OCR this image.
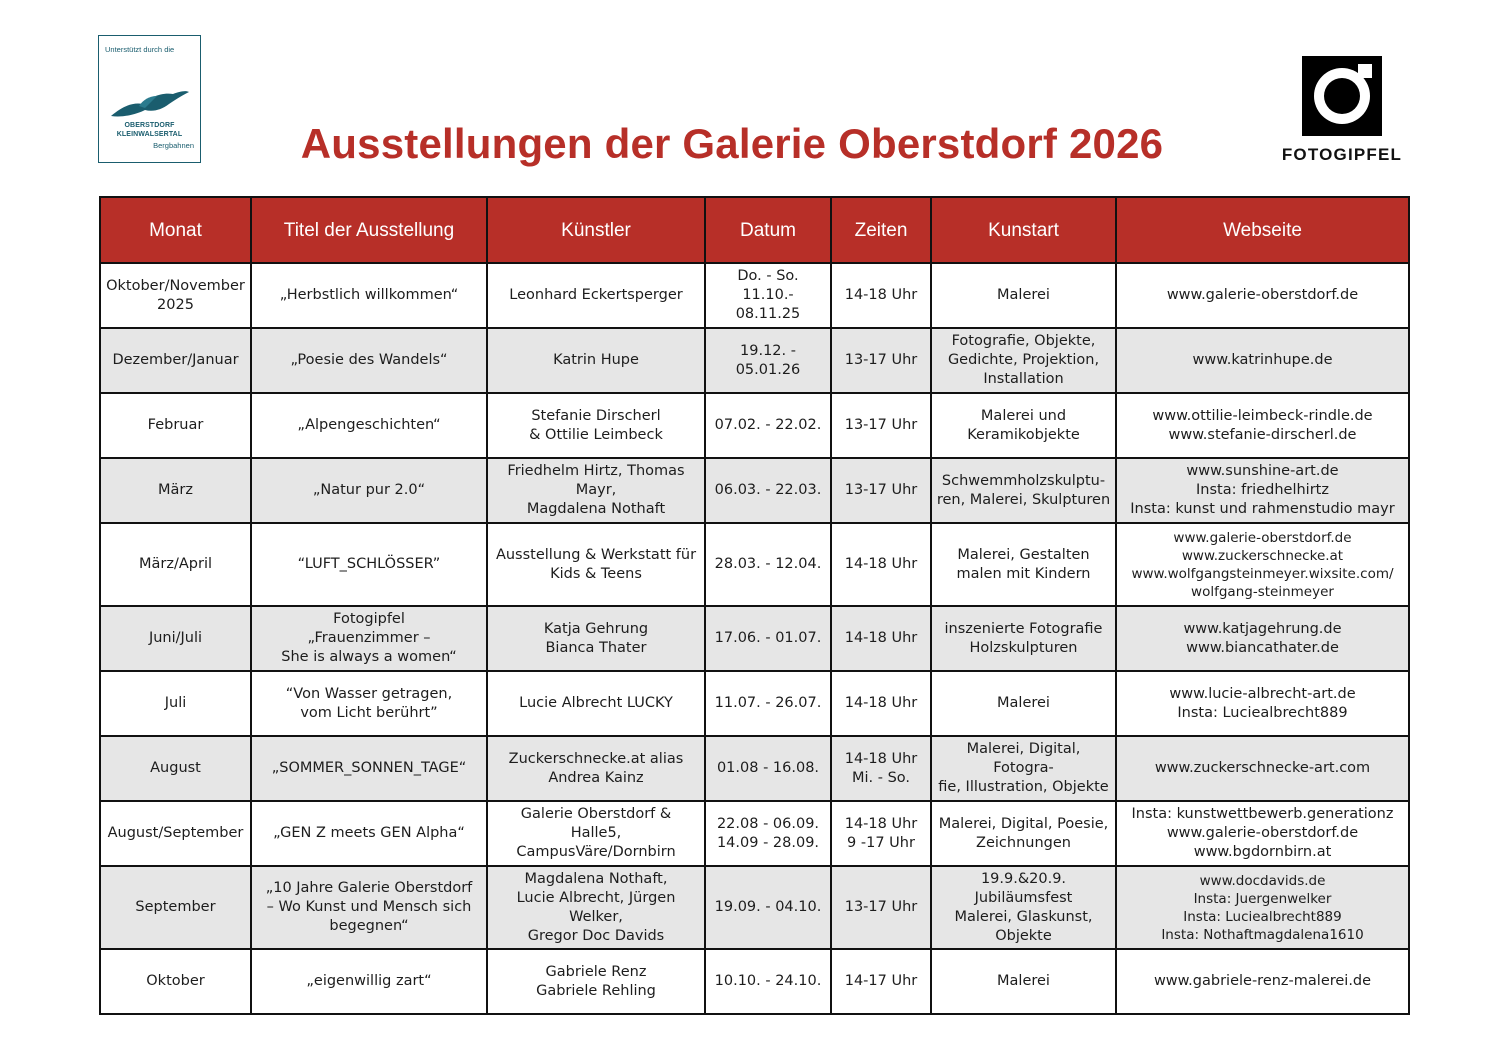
Unterstützt durch die
OBERSTDORF
KLEINWALSERTAL
Bergbahnen	Ausstellungen der Galerie Oberstdorf 2026	FOTOGIPFEL
Monat	Titel der Ausstellung	Künstler	Datum	Zeiten	Kunstart	Webseite

Oktober/November
2025	„Herbstlich willkommen“	Leonhard Eckertsperger	Do. - So.
11.10.- 08.11.25	14-18 Uhr	Malerei	www.galerie-oberstdorf.de

Dezember/Januar	„Poesie des Wandels“	Katrin Hupe	19.12. - 05.01.26	13-17 Uhr	Fotografie, Objekte,
Gedichte, Projektion,
Installation	www.katrinhupe.de

Februar	„Alpengeschichten“	Stefanie Dirscherl
& Ottilie Leimbeck	07.02. - 22.02.	13-17 Uhr	Malerei und
Keramikobjekte	www.ottilie-leimbeck-rindle.de
www.stefanie-dirscherl.de

März	„Natur pur 2.0“	Friedhelm Hirtz, Thomas Mayr,
Magdalena Nothaft	06.03. - 22.03.	13-17 Uhr	Schwemmholzskulptu-
ren, Malerei, Skulpturen	www.sunshine-art.de
Insta: friedhelhirtz
Insta: kunst und rahmenstudio mayr

März/April	“LUFT_SCHLÖSSER”	Ausstellung & Werkstatt für
Kids & Teens	28.03. - 12.04.	14-18 Uhr	Malerei, Gestalten
malen mit Kindern	www.galerie-oberstdorf.de
www.zuckerschnecke.at
www.wolfgangsteinmeyer.wixsite.com/
wolfgang-steinmeyer

Juni/Juli	Fotogipfel
„Frauenzimmer –
She is always a women“	Katja Gehrung
Bianca Thater	17.06. - 01.07.	14-18 Uhr	inszenierte Fotografie
Holzskulpturen	www.katjagehrung.de
www.biancathater.de

Juli	“Von Wasser getragen,
vom Licht berührt”	Lucie Albrecht LUCKY	11.07. - 26.07.	14-18 Uhr	Malerei	www.lucie-albrecht-art.de
Insta: Luciealbrecht889

August	„SOMMER_SONNEN_TAGE“	Zuckerschnecke.at alias
Andrea Kainz	01.08 - 16.08.	14-18 Uhr
Mi. - So.	Malerei, Digital, Fotogra-
fie, Illustration, Objekte	www.zuckerschnecke-art.com

August/September	„GEN Z meets GEN Alpha“	Galerie Oberstdorf &
Halle5, CampusVäre/Dornbirn	22.08 - 06.09.
14.09 - 28.09.	14-18 Uhr
9 -17 Uhr	Malerei, Digital, Poesie,
Zeichnungen	Insta: kunstwettbewerb.generationz
www.galerie-oberstdorf.de
www.bgdornbirn.at

September	„10 Jahre Galerie Oberstdorf
– Wo Kunst und Mensch sich
begegnen“	Magdalena Nothaft,
Lucie Albrecht, Jürgen Welker,
Gregor Doc Davids	19.09. - 04.10.	13-17 Uhr	19.9.&20.9. Jubiläumsfest
Malerei, Glaskunst,
Objekte	www.docdavids.de
Insta: Juergenwelker
Insta: Luciealbrecht889
Insta: Nothaftmagdalena1610

Oktober	„eigenwillig zart“	Gabriele Renz
Gabriele Rehling	10.10. - 24.10.	14-17 Uhr	Malerei	www.gabriele-renz-malerei.de
